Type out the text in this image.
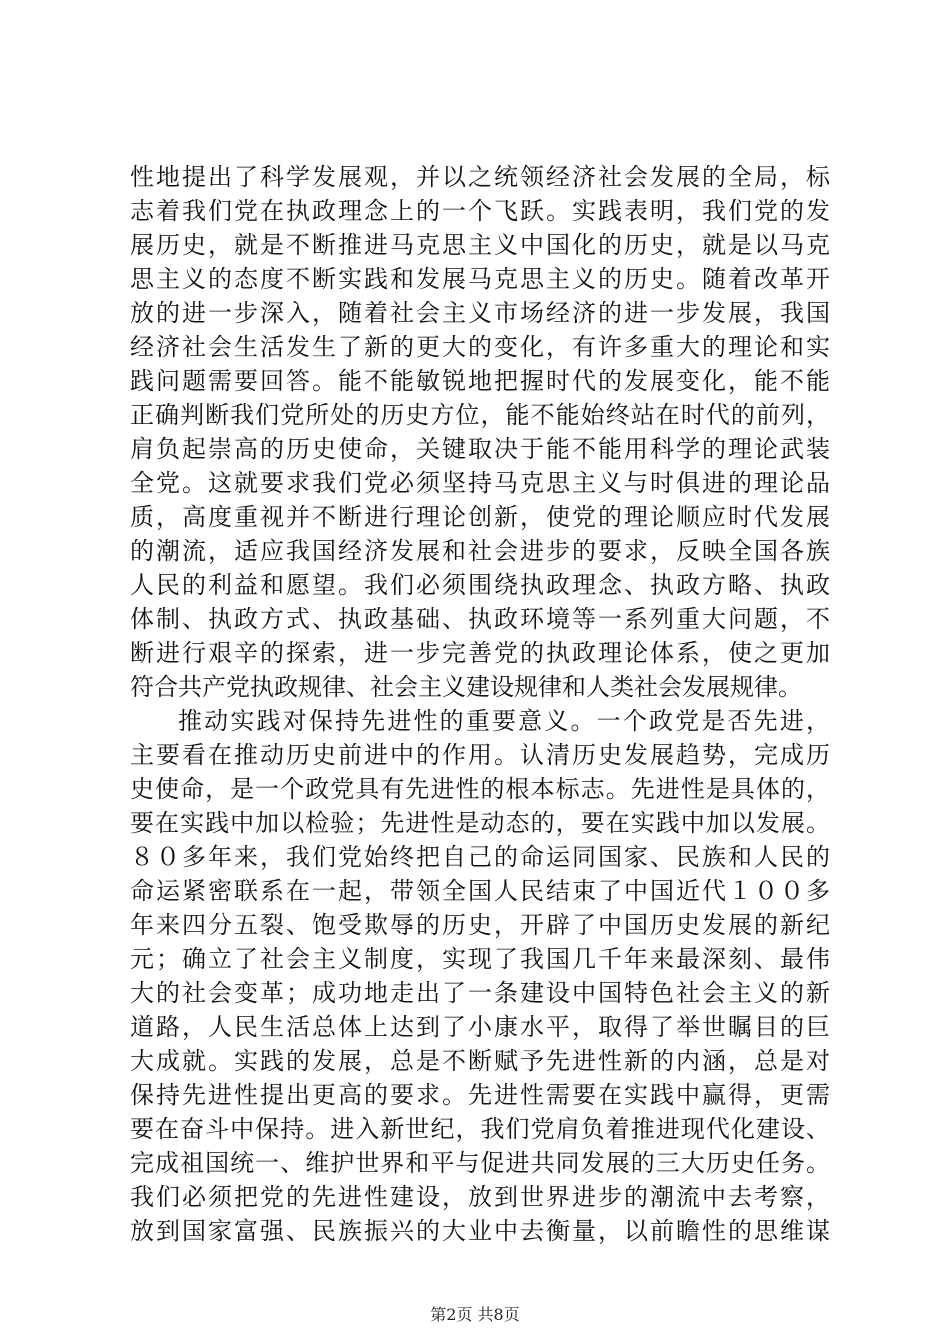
性地提出了科学发展观，并以之统领经济社会发展的全局，标
志着我们党在执政理念上的一个飞跃。实践表明，我们党的发
展历史，就是不断推进马克思主义中国化的历史，就是以马克
思主义的态度不断实践和发展马克思主义的历史。随着改革开
放的进一步深入，随着社会主义市场经济的进一步发展，我国
经济社会生活发生了新的更大的变化，有许多重大的理论和实
践问题需要回答。能不能敏锐地把握时代的发展变化，能不能
正确判断我们党所处的历史方位，能不能始终站在时代的前列，
肩负起崇高的历史使命，关键取决于能不能用科学的理论武装
全党。这就要求我们党必须坚持马克思主义与时俱进的理论品
质，高度重视并不断进行理论创新，使党的理论顺应时代发展
的潮流，适应我国经济发展和社会进步的要求，反映全国各族
人民的利益和愿望。我们必须围绕执政理念、执政方略、执政
体制、执政方式、执政基础、执政环境等一系列重大问题，不
断进行艰辛的探索，进一步完善党的执政理论体系，使之更加
符合共产党执政规律、社会主义建设规律和人类社会发展规律。
推动实践对保持先进性的重要意义。一个政党是否先进，
主要看在推动历史前进中的作用。认清历史发展趋势，完成历
史使命，是一个政党具有先进性的根本标志。先进性是具体的，
要在实践中加以检验；先进性是动态的，要在实践中加以发展。
８０多年来，我们党始终把自己的命运同国家、民族和人民的
命运紧密联系在一起，带领全国人民结束了中国近代１００多
年来四分五裂、饱受欺辱的历史，开辟了中国历史发展的新纪
元；确立了社会主义制度，实现了我国几千年来最深刻、最伟
大的社会变革；成功地走出了一条建设中国特色社会主义的新
道路，人民生活总体上达到了小康水平，取得了举世瞩目的巨
大成就。实践的发展，总是不断赋予先进性新的内涵，总是对
保持先进性提出更高的要求。先进性需要在实践中赢得，更需
要在奋斗中保持。进入新世纪，我们党肩负着推进现代化建设、
完成祖国统一、维护世界和平与促进共同发展的三大历史任务。
我们必须把党的先进性建设，放到世界进步的潮流中去考察，
放到国家富强、民族振兴的大业中去衡量，以前瞻性的思维谋
第2页 共8页
